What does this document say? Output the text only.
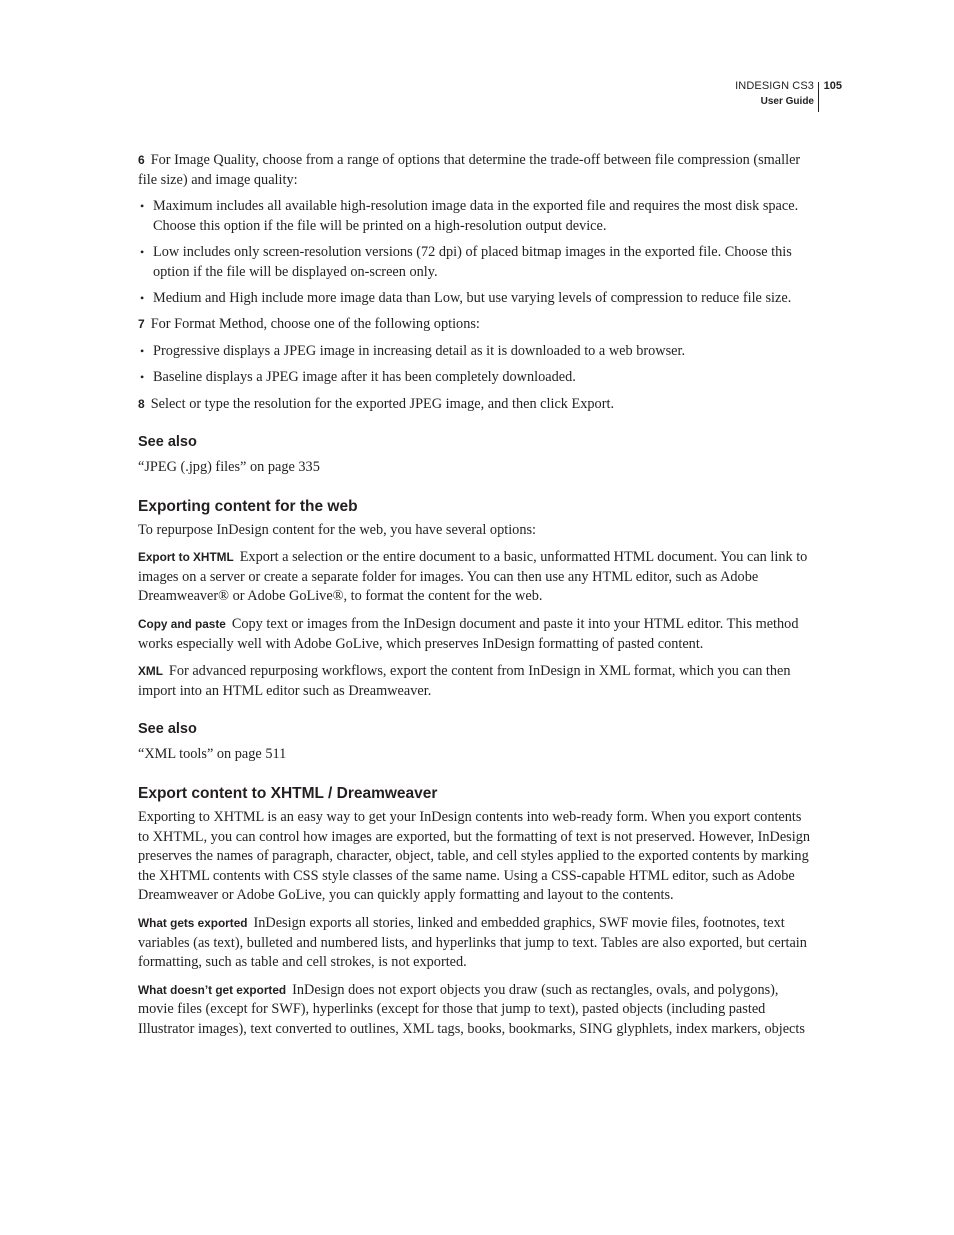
INDESIGN CS3
User Guide
105

6 For Image Quality, choose from a range of options that determine the trade-off between file compression (smaller file size) and image quality:

• Maximum includes all available high-resolution image data in the exported file and requires the most disk space. Choose this option if the file will be printed on a high-resolution output device.

• Low includes only screen-resolution versions (72 dpi) of placed bitmap images in the exported file. Choose this option if the file will be displayed on-screen only.

• Medium and High include more image data than Low, but use varying levels of compression to reduce file size.

7 For Format Method, choose one of the following options:

• Progressive displays a JPEG image in increasing detail as it is downloaded to a web browser.

• Baseline displays a JPEG image after it has been completely downloaded.

8 Select or type the resolution for the exported JPEG image, and then click Export.

See also

“JPEG (.jpg) files” on page 335

Exporting content for the web

To repurpose InDesign content for the web, you have several options:

Export to XHTML Export a selection or the entire document to a basic, unformatted HTML document. You can link to images on a server or create a separate folder for images. You can then use any HTML editor, such as Adobe Dreamweaver® or Adobe GoLive®, to format the content for the web.

Copy and paste Copy text or images from the InDesign document and paste it into your HTML editor. This method works especially well with Adobe GoLive, which preserves InDesign formatting of pasted content.

XML For advanced repurposing workflows, export the content from InDesign in XML format, which you can then import into an HTML editor such as Dreamweaver.

See also

“XML tools” on page 511

Export content to XHTML / Dreamweaver

Exporting to XHTML is an easy way to get your InDesign contents into web-ready form. When you export contents to XHTML, you can control how images are exported, but the formatting of text is not preserved. However, InDesign preserves the names of paragraph, character, object, table, and cell styles applied to the exported contents by marking the XHTML contents with CSS style classes of the same name. Using a CSS-capable HTML editor, such as Adobe Dreamweaver or Adobe GoLive, you can quickly apply formatting and layout to the contents.

What gets exported InDesign exports all stories, linked and embedded graphics, SWF movie files, footnotes, text variables (as text), bulleted and numbered lists, and hyperlinks that jump to text. Tables are also exported, but certain formatting, such as table and cell strokes, is not exported.

What doesn’t get exported InDesign does not export objects you draw (such as rectangles, ovals, and polygons), movie files (except for SWF), hyperlinks (except for those that jump to text), pasted objects (including pasted Illustrator images), text converted to outlines, XML tags, books, bookmarks, SING glyphlets, index markers, objects
